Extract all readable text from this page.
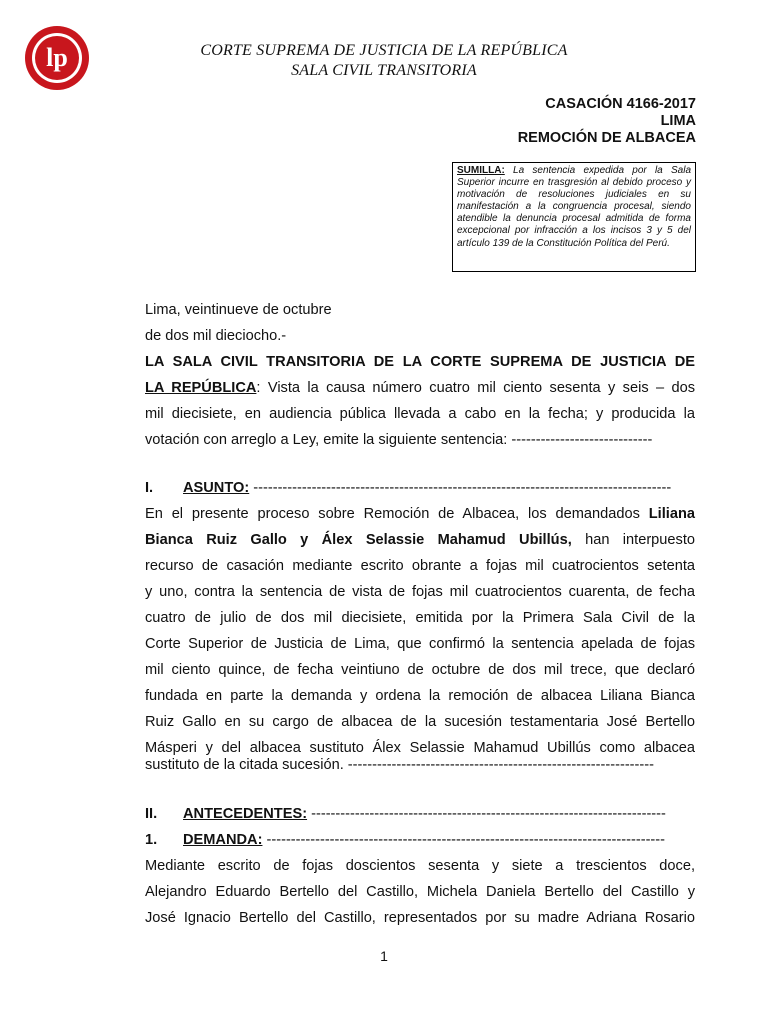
lp	CORTE SUPREMA DE JUSTICIA DE LA REPÚBLICA
SALA CIVIL TRANSITORIA
CASACIÓN 4166-2017
LIMA
REMOCIÓN DE ALBACEA
SUMILLA: La sentencia expedida por la Sala Superior incurre en trasgresión al debido proceso y motivación de resoluciones judiciales en su manifestación a la congruencia procesal, siendo atendible la denuncia procesal admitida de forma excepcional por infracción a los incisos 3 y 5 del artículo 139 de la Constitución Política del Perú.
Lima, veintinueve de octubre
de dos mil dieciocho.-
LA SALA CIVIL TRANSITORIA DE LA CORTE SUPREMA DE JUSTICIA DE
LA REPÚBLICA: Vista la causa número cuatro mil ciento sesenta y seis – dos
mil diecisiete, en audiencia pública llevada a cabo en la fecha; y producida la
votación con arreglo a Ley, emite la siguiente sentencia: -----------------------------
I. ASUNTO: --------------------------------------------------------------------------------------
En el presente proceso sobre Remoción de Albacea, los demandados Liliana
Bianca Ruiz Gallo y Álex Selassie Mahamud Ubillús, han interpuesto
recurso de casación mediante escrito obrante a fojas mil cuatrocientos setenta
y uno, contra la sentencia de vista de fojas mil cuatrocientos cuarenta, de fecha
cuatro de julio de dos mil diecisiete, emitida por la Primera Sala Civil de la
Corte Superior de Justicia de Lima, que confirmó la sentencia apelada de fojas
mil ciento quince, de fecha veintiuno de octubre de dos mil trece, que declaró
fundada en parte la demanda y ordena la remoción de albacea Liliana Bianca
Ruiz Gallo en su cargo de albacea de la sucesión testamentaria José Bertello
Másperi y del albacea sustituto Álex Selassie Mahamud Ubillús como albacea
sustituto de la citada sucesión. ---------------------------------------------------------------
II. ANTECEDENTES: -------------------------------------------------------------------------
1. DEMANDA: ----------------------------------------------------------------------------------
Mediante escrito de fojas doscientos sesenta y siete a trescientos doce,
Alejandro Eduardo Bertello del Castillo, Michela Daniela Bertello del Castillo y
José Ignacio Bertello del Castillo, representados por su madre Adriana Rosario
1
